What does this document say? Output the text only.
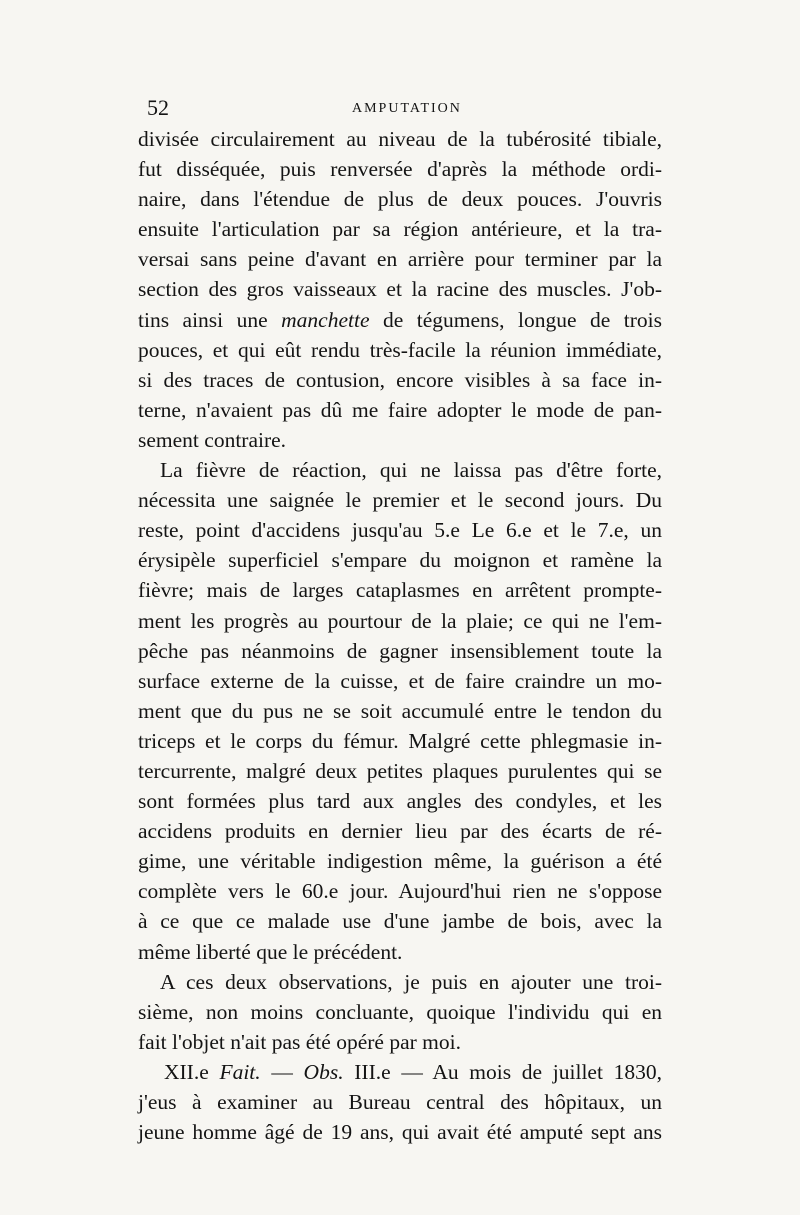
52	AMPUTATION
divisée circulairement au niveau de la tubérosité tibiale,
fut disséquée, puis renversée d'après la méthode ordi-
naire, dans l'étendue de plus de deux pouces. J'ouvris
ensuite l'articulation par sa région antérieure, et la tra-
versai sans peine d'avant en arrière pour terminer par la
section des gros vaisseaux et la racine des muscles. J'ob-
tins ainsi une manchette de tégumens, longue de trois
pouces, et qui eût rendu très-facile la réunion immédiate,
si des traces de contusion, encore visibles à sa face in-
terne, n'avaient pas dû me faire adopter le mode de pan-
sement contraire.
La fièvre de réaction, qui ne laissa pas d'être forte,
nécessita une saignée le premier et le second jours. Du
reste, point d'accidens jusqu'au 5.e Le 6.e et le 7.e, un
érysipèle superficiel s'empare du moignon et ramène la
fièvre; mais de larges cataplasmes en arrêtent prompte-
ment les progrès au pourtour de la plaie; ce qui ne l'em-
pêche pas néanmoins de gagner insensiblement toute la
surface externe de la cuisse, et de faire craindre un mo-
ment que du pus ne se soit accumulé entre le tendon du
triceps et le corps du fémur. Malgré cette phlegmasie in-
tercurrente, malgré deux petites plaques purulentes qui se
sont formées plus tard aux angles des condyles, et les
accidens produits en dernier lieu par des écarts de ré-
gime, une véritable indigestion même, la guérison a été
complète vers le 60.e jour. Aujourd'hui rien ne s'oppose
à ce que ce malade use d'une jambe de bois, avec la
même liberté que le précédent.
A ces deux observations, je puis en ajouter une troi-
sième, non moins concluante, quoique l'individu qui en
fait l'objet n'ait pas été opéré par moi.
XII.e Fait. — Obs. III.e — Au mois de juillet 1830,
j'eus à examiner au Bureau central des hôpitaux, un
jeune homme âgé de 19 ans, qui avait été amputé sept ans
